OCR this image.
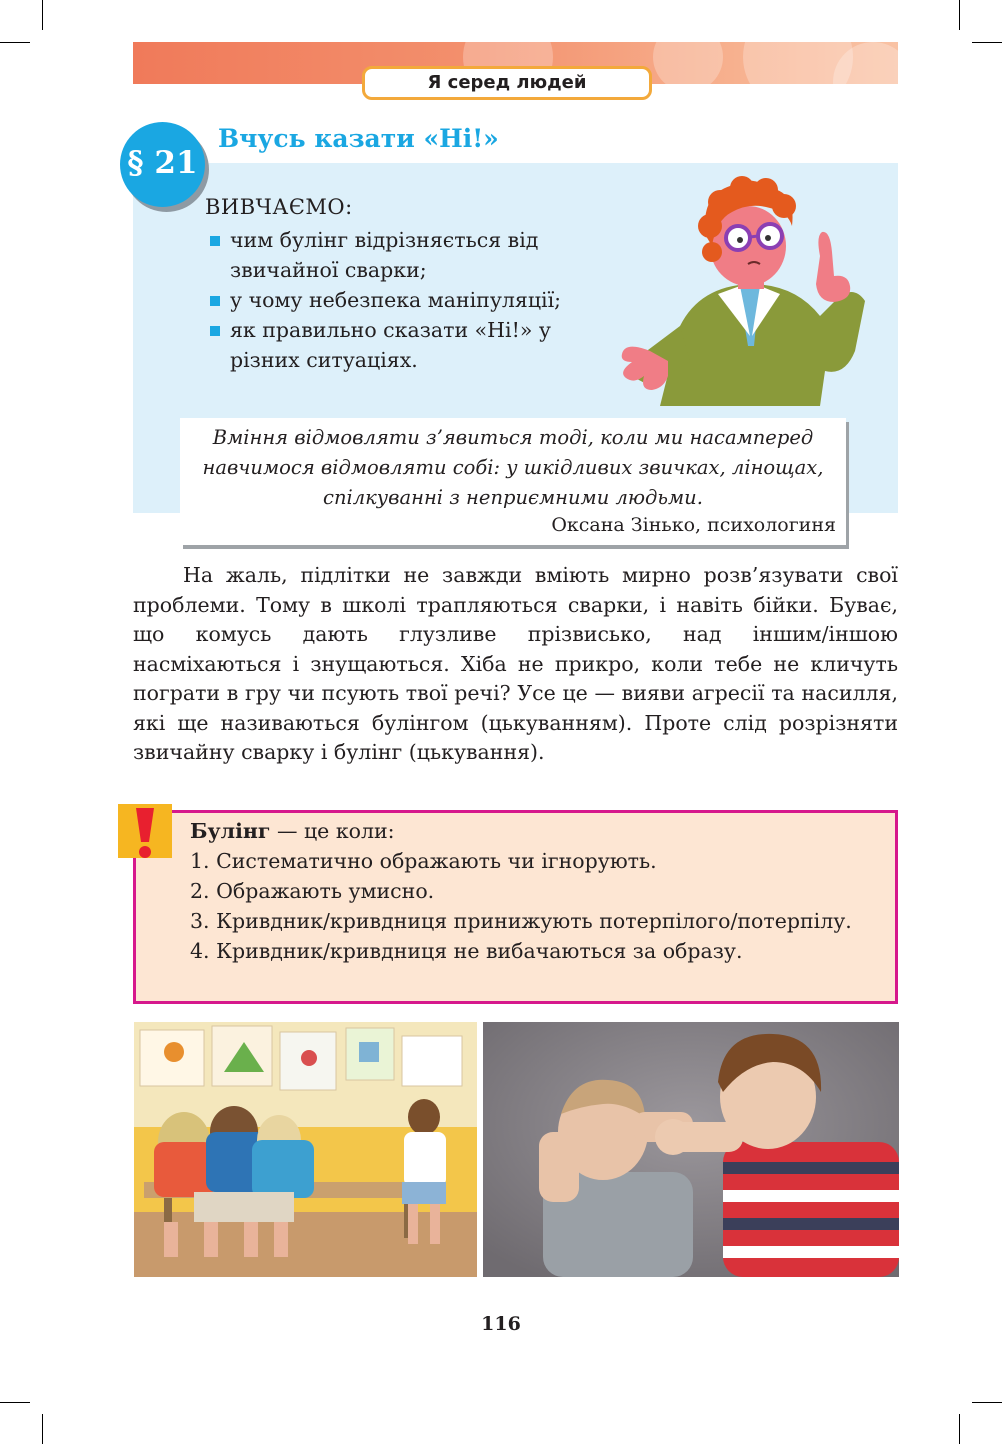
Я серед людей
§ 21
Вчусь казати «Ні!»

ВИВЧАЄМО:

чим булінг відрізняється від звичайної сварки;
у чому небезпека маніпуляції;
як правильно сказати «Ні!» у різних ситуаціях.

Вміння відмовляти з’явиться тоді, коли ми насамперед навчимося відмовляти собі: у шкідливих звичках, лінощах, спілкуванні з неприємними людьми.

Оксана Зінько, психологиня

На жаль, підлітки не завжди вміють мирно розв’язувати свої проблеми. Тому в школі трапляються сварки, і навіть бійки. Буває, що комусь дають глузливе прізвисько, над іншим/іншою насміхаються і знущаються. Хіба не прикро, коли тебе не кличуть пограти в гру чи псують твої речі? Усе це — вияви агресії та насилля, які ще називаються булінгом (цькуванням). Проте слід розрізняти звичайну сварку і булінг (цькування).

Булінг — це коли:

1. Систематично ображають чи ігнорують.

2. Ображають умисно.

3. Кривдник/кривдниця принижують потерпілого/потерпілу.

4. Кривдник/кривдниця не вибачаються за образу.

116
